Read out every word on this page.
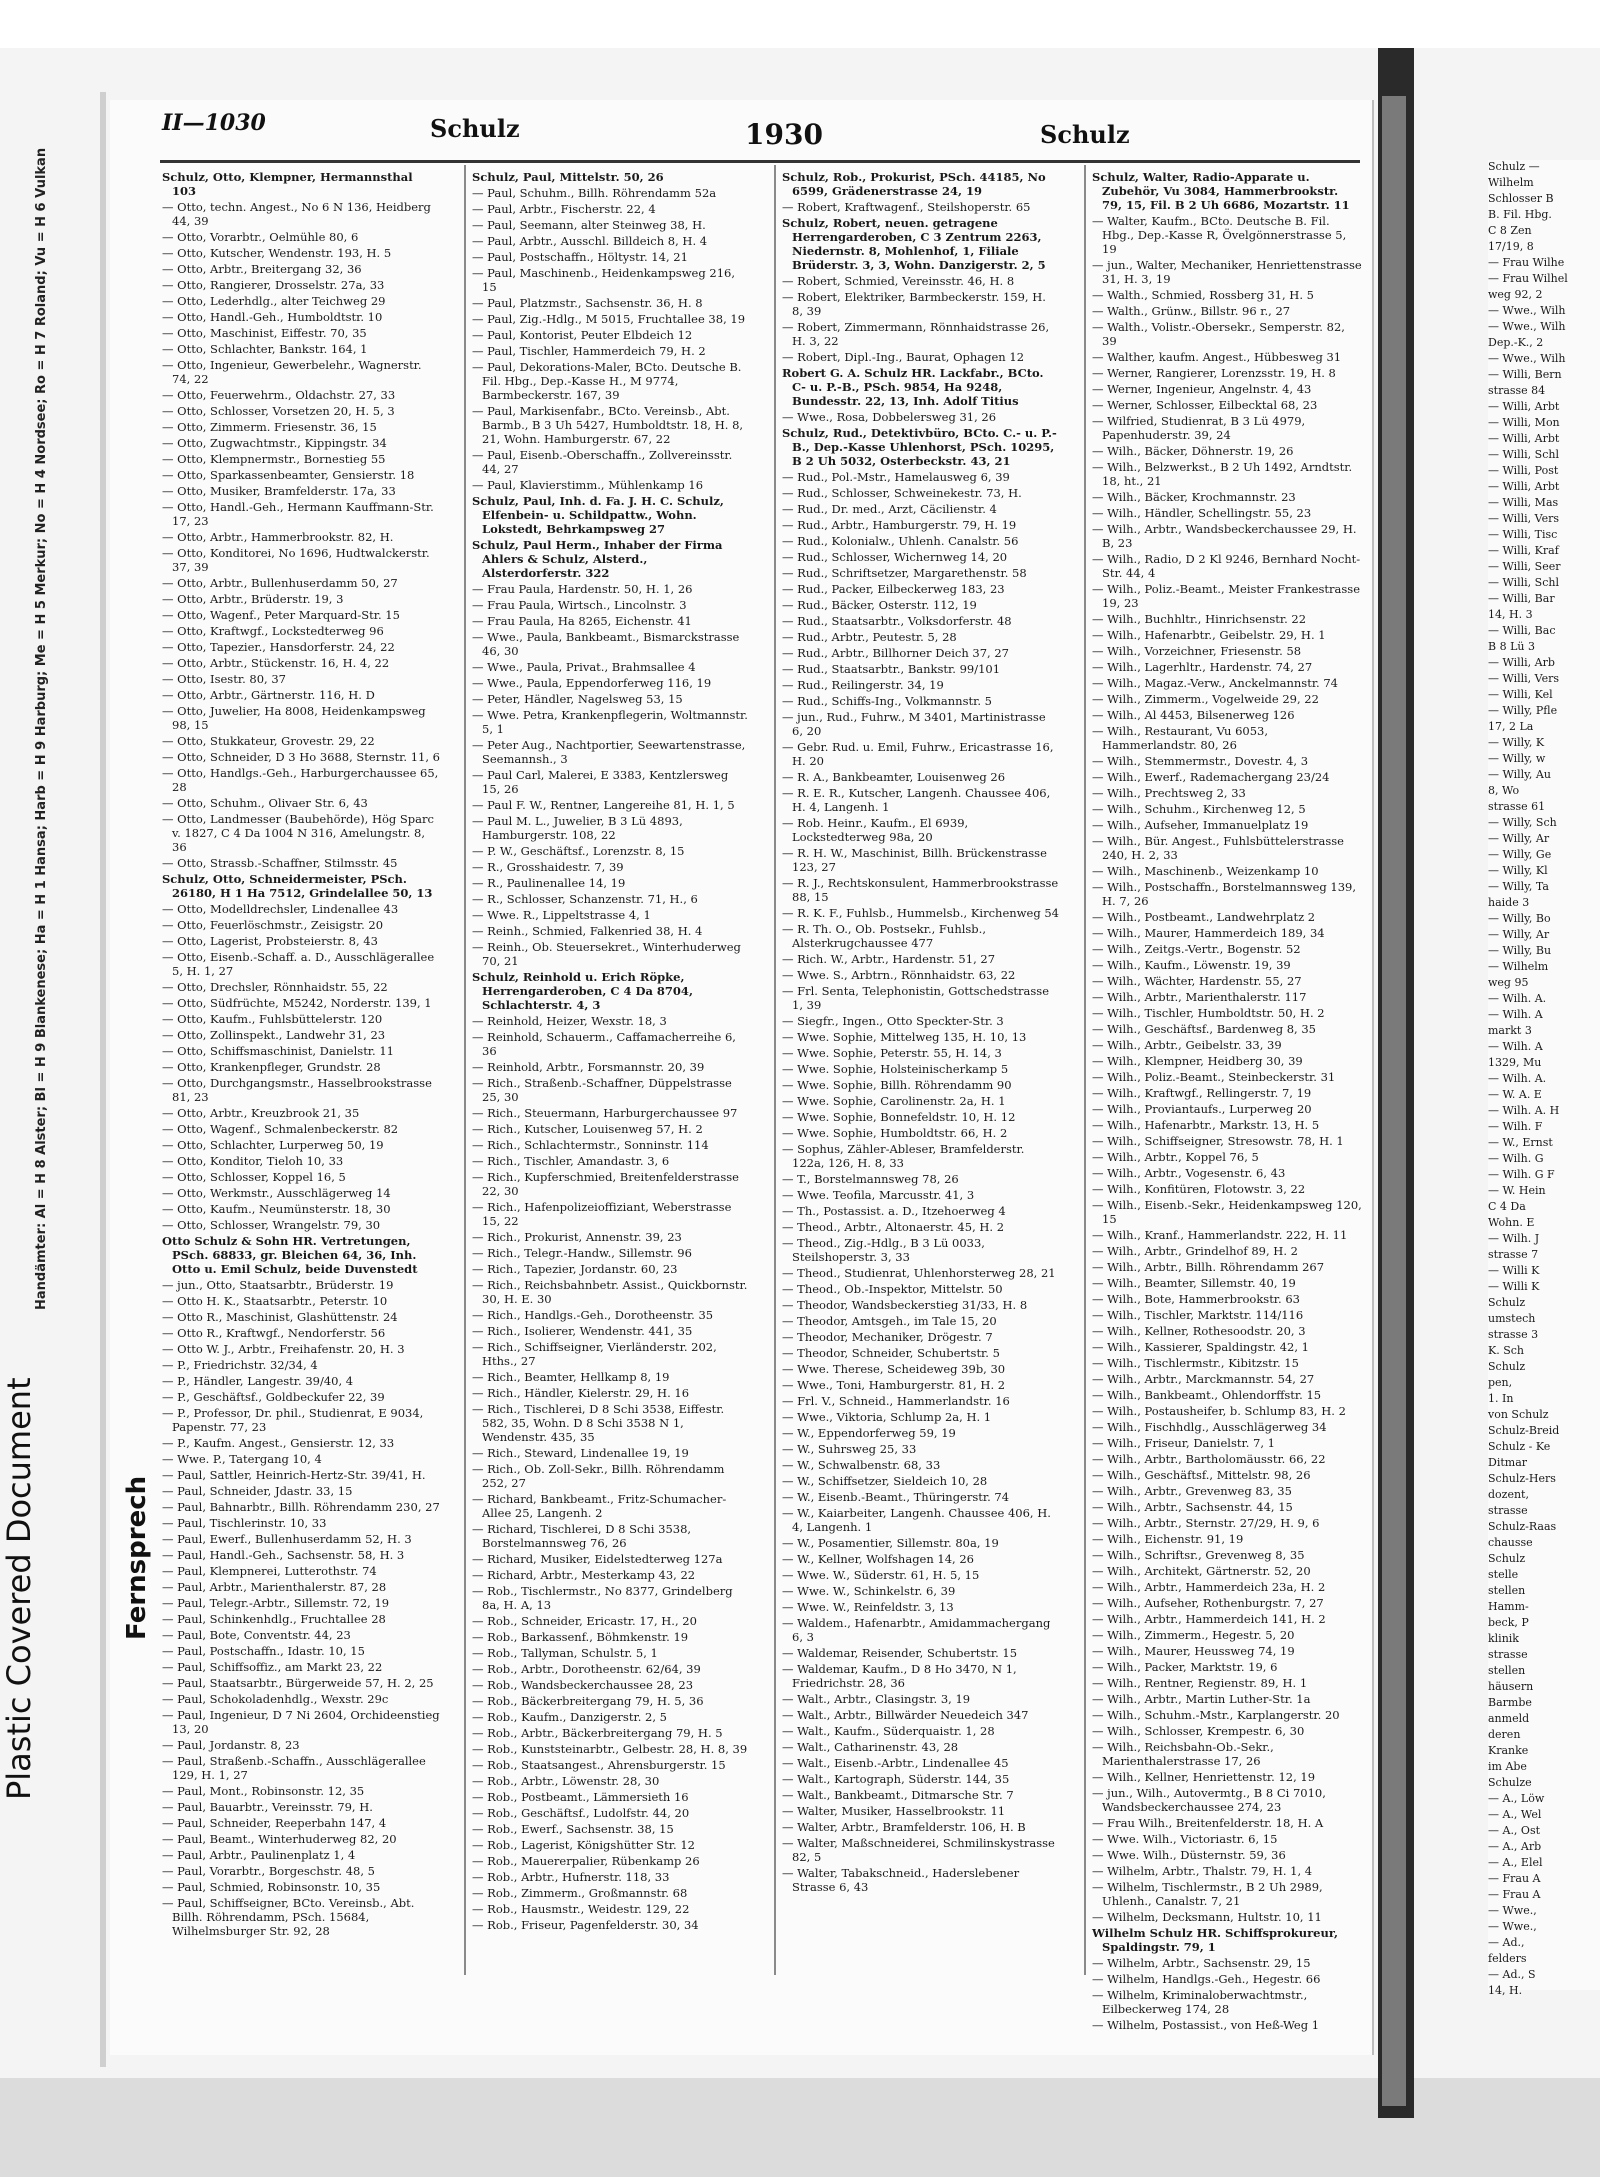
Fernsprech
Handämter: Al = H 8 Alster; Bl = H 9 Blankenese; Ha = H 1 Hansa; Harb = H 9 Harburg; Me = H 5 Merkur; No = H 4 Nordsee; Ro = H 7 Roland; Vu = H 6 Vulkan
II—1030	Schulz	1930	Schulz
Schulz, Otto, Klempner, Hermannsthal 103
— Otto, techn. Angest., No 6 N 136, Heidberg 44, 39
— Otto, Vorarbtr., Oelmühle 80, 6
— Otto, Kutscher, Wendenstr. 193, H. 5
— Otto, Arbtr., Breitergang 32, 36
— Otto, Rangierer, Drosselstr. 27a, 33
— Otto, Lederhdlg., alter Teichweg 29
— Otto, Handl.-Geh., Humboldtstr. 10
— Otto, Maschinist, Eiffestr. 70, 35
— Otto, Schlachter, Bankstr. 164, 1
— Otto, Ingenieur, Gewerbelehr., Wagnerstr. 74, 22
— Otto, Feuerwehrm., Oldachstr. 27, 33
— Otto, Schlosser, Vorsetzen 20, H. 5, 3
— Otto, Zimmerm. Friesenstr. 36, 15
— Otto, Zugwachtmstr., Kippingstr. 34
— Otto, Klempnermstr., Bornestieg 55
— Otto, Sparkassenbeamter, Gensierstr. 18
— Otto, Musiker, Bramfelderstr. 17a, 33
— Otto, Handl.-Geh., Hermann Kauffmann-Str. 17, 23
— Otto, Arbtr., Hammerbrookstr. 82, H.
— Otto, Konditorei, No 1696, Hudtwalckerstr. 37, 39
— Otto, Arbtr., Bullenhuserdamm 50, 27
— Otto, Arbtr., Brüderstr. 19, 3
— Otto, Wagenf., Peter Marquard-Str. 15
— Otto, Kraftwgf., Lockstedterweg 96
— Otto, Tapezier., Hansdorferstr. 24, 22
— Otto, Arbtr., Stückenstr. 16, H. 4, 22
— Otto, Isestr. 80, 37
— Otto, Arbtr., Gärtnerstr. 116, H. D
— Otto, Juwelier, Ha 8008, Heidenkampsweg 98, 15
— Otto, Stukkateur, Grovestr. 29, 22
— Otto, Schneider, D 3 Ho 3688, Sternstr. 11, 6
— Otto, Handlgs.-Geh., Harburgerchaussee 65, 28
— Otto, Schuhm., Olivaer Str. 6, 43
— Otto, Landmesser (Baubehörde), Hög Sparc v. 1827, C 4 Da 1004 N 316, Amelungstr. 8, 36
— Otto, Strassb.-Schaffner, Stilmsstr. 45
Schulz, Otto, Schneidermeister, PSch. 26180, H 1 Ha 7512, Grindelallee 50, 13
— Otto, Modelldrechsler, Lindenallee 43
— Otto, Feuerlöschmstr., Zeisigstr. 20
— Otto, Lagerist, Probsteierstr. 8, 43
— Otto, Eisenb.-Schaff. a. D., Ausschlägerallee 5, H. 1, 27
— Otto, Drechsler, Rönnhaidstr. 55, 22
— Otto, Südfrüchte, M5242, Norderstr. 139, 1
— Otto, Kaufm., Fuhlsbüttelerstr. 120
— Otto, Zollinspekt., Landwehr 31, 23
— Otto, Schiffsmaschinist, Danielstr. 11
— Otto, Krankenpfleger, Grundstr. 28
— Otto, Durchgangsmstr., Hasselbrookstrasse 81, 23
— Otto, Arbtr., Kreuzbrook 21, 35
— Otto, Wagenf., Schmalenbeckerstr. 82
— Otto, Schlachter, Lurperweg 50, 19
— Otto, Konditor, Tieloh 10, 33
— Otto, Schlosser, Koppel 16, 5
— Otto, Werkmstr., Ausschlägerweg 14
— Otto, Kaufm., Neumünsterstr. 18, 30
— Otto, Schlosser, Wrangelstr. 79, 30
Otto Schulz & Sohn HR. Vertretungen, PSch. 68833, gr. Bleichen 64, 36, Inh. Otto u. Emil Schulz, beide Duvenstedt
— jun., Otto, Staatsarbtr., Brüderstr. 19
— Otto H. K., Staatsarbtr., Peterstr. 10
— Otto R., Maschinist, Glashüttenstr. 24
— Otto R., Kraftwgf., Nendorferstr. 56
— Otto W. J., Arbtr., Freihafenstr. 20, H. 3
— P., Friedrichstr. 32/34, 4
— P., Händler, Langestr. 39/40, 4
— P., Geschäftsf., Goldbeckufer 22, 39
— P., Professor, Dr. phil., Studienrat, E 9034, Papenstr. 77, 23
— P., Kaufm. Angest., Gensierstr. 12, 33
— Wwe. P., Tatergang 10, 4
— Paul, Sattler, Heinrich-Hertz-Str. 39/41, H.
— Paul, Schneider, Jdastr. 33, 15
— Paul, Bahnarbtr., Billh. Röhrendamm 230, 27
— Paul, Tischlerinstr. 10, 33
— Paul, Ewerf., Bullenhuserdamm 52, H. 3
— Paul, Handl.-Geh., Sachsenstr. 58, H. 3
— Paul, Klempnerei, Lutterothstr. 74
— Paul, Arbtr., Marienthalerstr. 87, 28
— Paul, Telegr.-Arbtr., Sillemstr. 72, 19
— Paul, Schinkenhdlg., Fruchtallee 28
— Paul, Bote, Conventstr. 44, 23
— Paul, Postschaffn., Idastr. 10, 15
— Paul, Schiffsoffiz., am Markt 23, 22
— Paul, Staatsarbtr., Bürgerweide 57, H. 2, 25
— Paul, Schokoladenhdlg., Wexstr. 29c
— Paul, Ingenieur, D 7 Ni 2604, Orchideenstieg 13, 20
— Paul, Jordanstr. 8, 23
— Paul, Straßenb.-Schaffn., Ausschlägerallee 129, H. 1, 27
— Paul, Mont., Robinsonstr. 12, 35
— Paul, Bauarbtr., Vereinsstr. 79, H.
— Paul, Schneider, Reeperbahn 147, 4
— Paul, Beamt., Winterhuderweg 82, 20
— Paul, Arbtr., Paulinenplatz 1, 4
— Paul, Vorarbtr., Borgeschstr. 48, 5
— Paul, Schmied, Robinsonstr. 10, 35
— Paul, Schiffseigner, BCto. Vereinsb., Abt. Billh. Röhrendamm, PSch. 15684, Wilhelmsburger Str. 92, 28
Schulz, Paul, Mittelstr. 50, 26
— Paul, Schuhm., Billh. Röhrendamm 52a
— Paul, Arbtr., Fischerstr. 22, 4
— Paul, Seemann, alter Steinweg 38, H.
— Paul, Arbtr., Ausschl. Billdeich 8, H. 4
— Paul, Postschaffn., Höltystr. 14, 21
— Paul, Maschinenb., Heidenkampsweg 216, 15
— Paul, Platzmstr., Sachsenstr. 36, H. 8
— Paul, Zig.-Hdlg., M 5015, Fruchtallee 38, 19
— Paul, Kontorist, Peuter Elbdeich 12
— Paul, Tischler, Hammerdeich 79, H. 2
— Paul, Dekorations-Maler, BCto. Deutsche B. Fil. Hbg., Dep.-Kasse H., M 9774, Barmbeckerstr. 167, 39
— Paul, Markisenfabr., BCto. Vereinsb., Abt. Barmb., B 3 Uh 5427, Humboldtstr. 18, H. 8, 21, Wohn. Hamburgerstr. 67, 22
— Paul, Eisenb.-Oberschaffn., Zollvereinsstr. 44, 27
— Paul, Klavierstimm., Mühlenkamp 16
Schulz, Paul, Inh. d. Fa. J. H. C. Schulz, Elfenbein- u. Schildpattw., Wohn. Lokstedt, Behrkampsweg 27
Schulz, Paul Herm., Inhaber der Firma Ahlers & Schulz, Alsterd., Alsterdorferstr. 322
— Frau Paula, Hardenstr. 50, H. 1, 26
— Frau Paula, Wirtsch., Lincolnstr. 3
— Frau Paula, Ha 8265, Eichenstr. 41
— Wwe., Paula, Bankbeamt., Bismarckstrasse 46, 30
— Wwe., Paula, Privat., Brahmsallee 4
— Wwe., Paula, Eppendorferweg 116, 19
— Peter, Händler, Nagelsweg 53, 15
— Wwe. Petra, Krankenpflegerin, Woltmannstr. 5, 1
— Peter Aug., Nachtportier, Seewartenstrasse, Seemannsh., 3
— Paul Carl, Malerei, E 3383, Kentzlersweg 15, 26
— Paul F. W., Rentner, Langereihe 81, H. 1, 5
— Paul M. L., Juwelier, B 3 Lü 4893, Hamburgerstr. 108, 22
— P. W., Geschäftsf., Lorenzstr. 8, 15
— R., Grosshaidestr. 7, 39
— R., Paulinenallee 14, 19
— R., Schlosser, Schanzenstr. 71, H., 6
— Wwe. R., Lippeltstrasse 4, 1
— Reinh., Schmied, Falkenried 38, H. 4
— Reinh., Ob. Steuersekret., Winterhuderweg 70, 21
Schulz, Reinhold u. Erich Röpke, Herrengarderoben, C 4 Da 8704, Schlachterstr. 4, 3
— Reinhold, Heizer, Wexstr. 18, 3
— Reinhold, Schauerm., Caffamacherreihe 6, 36
— Reinhold, Arbtr., Forsmannstr. 20, 39
— Rich., Straßenb.-Schaffner, Düppelstrasse 25, 30
— Rich., Steuermann, Harburgerchaussee 97
— Rich., Kutscher, Louisenweg 57, H. 2
— Rich., Schlachtermstr., Sonninstr. 114
— Rich., Tischler, Amandastr. 3, 6
— Rich., Kupferschmied, Breitenfelderstrasse 22, 30
— Rich., Hafenpolizeioffiziant, Weberstrasse 15, 22
— Rich., Prokurist, Annenstr. 39, 23
— Rich., Telegr.-Handw., Sillemstr. 96
— Rich., Tapezier, Jordanstr. 60, 23
— Rich., Reichsbahnbetr. Assist., Quickbornstr. 30, H. E. 30
— Rich., Handlgs.-Geh., Dorotheenstr. 35
— Rich., Isolierer, Wendenstr. 441, 35
— Rich., Schiffseigner, Vierländerstr. 202, Hths., 27
— Rich., Beamter, Hellkamp 8, 19
— Rich., Händler, Kielerstr. 29, H. 16
— Rich., Tischlerei, D 8 Schi 3538, Eiffestr. 582, 35, Wohn. D 8 Schi 3538 N 1, Wendenstr. 435, 35
— Rich., Steward, Lindenallee 19, 19
— Rich., Ob. Zoll-Sekr., Billh. Röhrendamm 252, 27
— Richard, Bankbeamt., Fritz-Schumacher-Allee 25, Langenh. 2
— Richard, Tischlerei, D 8 Schi 3538, Borstelmannsweg 76, 26
— Richard, Musiker, Eidelstedterweg 127a
— Richard, Arbtr., Mesterkamp 43, 22
— Rob., Tischlermstr., No 8377, Grindelberg 8a, H. A, 13
— Rob., Schneider, Ericastr. 17, H., 20
— Rob., Barkassenf., Böhmkenstr. 19
— Rob., Tallyman, Schulstr. 5, 1
— Rob., Arbtr., Dorotheenstr. 62/64, 39
— Rob., Wandsbeckerchaussee 28, 23
— Rob., Bäckerbreitergang 79, H. 5, 36
— Rob., Kaufm., Danzigerstr. 2, 5
— Rob., Arbtr., Bäckerbreitergang 79, H. 5
— Rob., Kunststeinarbtr., Gelbestr. 28, H. 8, 39
— Rob., Staatsangest., Ahrensburgerstr. 15
— Rob., Arbtr., Löwenstr. 28, 30
— Rob., Postbeamt., Lämmersieth 16
— Rob., Geschäftsf., Ludolfstr. 44, 20
— Rob., Ewerf., Sachsenstr. 38, 15
— Rob., Lagerist, Königshütter Str. 12
— Rob., Mauererpalier, Rübenkamp 26
— Rob., Arbtr., Hufnerstr. 118, 33
— Rob., Zimmerm., Großmannstr. 68
— Rob., Hausmstr., Weidestr. 129, 22
— Rob., Friseur, Pagenfelderstr. 30, 34
Schulz, Rob., Prokurist, PSch. 44185, No 6599, Grädenerstrasse 24, 19
— Robert, Kraftwagenf., Steilshoperstr. 65
Schulz, Robert, neuen. getragene Herrengarderoben, C 3 Zentrum 2263, Niedernstr. 8, Mohlenhof, 1, Filiale Brüderstr. 3, 3, Wohn. Danzigerstr. 2, 5
— Robert, Schmied, Vereinsstr. 46, H. 8
— Robert, Elektriker, Barmbeckerstr. 159, H. 8, 39
— Robert, Zimmermann, Rönnhaidstrasse 26, H. 3, 22
— Robert, Dipl.-Ing., Baurat, Ophagen 12
Robert G. A. Schulz HR. Lackfabr., BCto. C- u. P.-B., PSch. 9854, Ha 9248, Bundesstr. 22, 13, Inh. Adolf Titius
— Wwe., Rosa, Dobbelersweg 31, 26
Schulz, Rud., Detektivbüro, BCto. C.- u. P.-B., Dep.-Kasse Uhlenhorst, PSch. 10295, B 2 Uh 5032, Osterbeckstr. 43, 21
— Rud., Pol.-Mstr., Hamelausweg 6, 39
— Rud., Schlosser, Schweinekestr. 73, H.
— Rud., Dr. med., Arzt, Cäcilienstr. 4
— Rud., Arbtr., Hamburgerstr. 79, H. 19
— Rud., Kolonialw., Uhlenh. Canalstr. 56
— Rud., Schlosser, Wichernweg 14, 20
— Rud., Schriftsetzer, Margarethenstr. 58
— Rud., Packer, Eilbeckerweg 183, 23
— Rud., Bäcker, Osterstr. 112, 19
— Rud., Staatsarbtr., Volksdorferstr. 48
— Rud., Arbtr., Peutestr. 5, 28
— Rud., Arbtr., Billhorner Deich 37, 27
— Rud., Staatsarbtr., Bankstr. 99/101
— Rud., Reilingerstr. 34, 19
— Rud., Schiffs-Ing., Volkmannstr. 5
— jun., Rud., Fuhrw., M 3401, Martinistrasse 6, 20
— Gebr. Rud. u. Emil, Fuhrw., Ericastrasse 16, H. 20
— R. A., Bankbeamter, Louisenweg 26
— R. E. R., Kutscher, Langenh. Chaussee 406, H. 4, Langenh. 1
— Rob. Heinr., Kaufm., El 6939, Lockstedterweg 98a, 20
— R. H. W., Maschinist, Billh. Brückenstrasse 123, 27
— R. J., Rechtskonsulent, Hammerbrookstrasse 88, 15
— R. K. F., Fuhlsb., Hummelsb., Kirchenweg 54
— R. Th. O., Ob. Postsekr., Fuhlsb., Alsterkrugchaussee 477
— Rich. W., Arbtr., Hardenstr. 51, 27
— Wwe. S., Arbtrn., Rönnhaidstr. 63, 22
— Frl. Senta, Telephonistin, Gottschedstrasse 1, 39
— Siegfr., Ingen., Otto Speckter-Str. 3
— Wwe. Sophie, Mittelweg 135, H. 10, 13
— Wwe. Sophie, Peterstr. 55, H. 14, 3
— Wwe. Sophie, Holsteinischerkamp 5
— Wwe. Sophie, Billh. Röhrendamm 90
— Wwe. Sophie, Carolinenstr. 2a, H. 1
— Wwe. Sophie, Bonnefeldstr. 10, H. 12
— Wwe. Sophie, Humboldtstr. 66, H. 2
— Sophus, Zähler-Ableser, Bramfelderstr. 122a, 126, H. 8, 33
— T., Borstelmannsweg 78, 26
— Wwe. Teofila, Marcusstr. 41, 3
— Th., Postassist. a. D., Itzehoerweg 4
— Theod., Arbtr., Altonaerstr. 45, H. 2
— Theod., Zig.-Hdlg., B 3 Lü 0033, Steilshoperstr. 3, 33
— Theod., Studienrat, Uhlenhorsterweg 28, 21
— Theod., Ob.-Inspektor, Mittelstr. 50
— Theodor, Wandsbeckerstieg 31/33, H. 8
— Theodor, Amtsgeh., im Tale 15, 20
— Theodor, Mechaniker, Drögestr. 7
— Theodor, Schneider, Schubertstr. 5
— Wwe. Therese, Scheideweg 39b, 30
— Wwe., Toni, Hamburgerstr. 81, H. 2
— Frl. V., Schneid., Hammerlandstr. 16
— Wwe., Viktoria, Schlump 2a, H. 1
— W., Eppendorferweg 59, 19
— W., Suhrsweg 25, 33
— W., Schwalbenstr. 68, 33
— W., Schiffsetzer, Sieldeich 10, 28
— W., Eisenb.-Beamt., Thüringerstr. 74
— W., Kaiarbeiter, Langenh. Chaussee 406, H. 4, Langenh. 1
— W., Posamentier, Sillemstr. 80a, 19
— W., Kellner, Wolfshagen 14, 26
— Wwe. W., Süderstr. 61, H. 5, 15
— Wwe. W., Schinkelstr. 6, 39
— Wwe. W., Reinfeldstr. 3, 13
— Waldem., Hafenarbtr., Amidammachergang 6, 3
— Waldemar, Reisender, Schubertstr. 15
— Waldemar, Kaufm., D 8 Ho 3470, N 1, Friedrichstr. 28, 36
— Walt., Arbtr., Clasingstr. 3, 19
— Walt., Arbtr., Billwärder Neuedeich 347
— Walt., Kaufm., Süderquaistr. 1, 28
— Walt., Catharinenstr. 43, 28
— Walt., Eisenb.-Arbtr., Lindenallee 45
— Walt., Kartograph, Süderstr. 144, 35
— Walt., Bankbeamt., Ditmarsche Str. 7
— Walter, Musiker, Hasselbrookstr. 11
— Walter, Arbtr., Bramfelderstr. 106, H. B
— Walter, Maßschneiderei, Schmilinskystrasse 82, 5
— Walter, Tabakschneid., Haderslebener Strasse 6, 43
Schulz, Walter, Radio-Apparate u. Zubehör, Vu 3084, Hammerbrookstr. 79, 15, Fil. B 2 Uh 6686, Mozartstr. 11
— Walter, Kaufm., BCto. Deutsche B. Fil. Hbg., Dep.-Kasse R, Övelgönnerstrasse 5, 19
— jun., Walter, Mechaniker, Henriettenstrasse 31, H. 3, 19
— Walth., Schmied, Rossberg 31, H. 5
— Walth., Grünw., Billstr. 96 r., 27
— Walth., Volistr.-Obersekr., Semperstr. 82, 39
— Walther, kaufm. Angest., Hübbesweg 31
— Werner, Rangierer, Lorenzsstr. 19, H. 8
— Werner, Ingenieur, Angelnstr. 4, 43
— Werner, Schlosser, Eilbecktal 68, 23
— Wilfried, Studienrat, B 3 Lü 4979, Papenhuderstr. 39, 24
— Wilh., Bäcker, Döhnerstr. 19, 26
— Wilh., Belzwerkst., B 2 Uh 1492, Arndtstr. 18, ht., 21
— Wilh., Bäcker, Krochmannstr. 23
— Wilh., Händler, Schellingstr. 55, 23
— Wilh., Arbtr., Wandsbeckerchaussee 29, H. B, 23
— Wilh., Radio, D 2 Kl 9246, Bernhard Nocht-Str. 44, 4
— Wilh., Poliz.-Beamt., Meister Frankestrasse 19, 23
— Wilh., Buchhltr., Hinrichsenstr. 22
— Wilh., Hafenarbtr., Geibelstr. 29, H. 1
— Wilh., Vorzeichner, Friesenstr. 58
— Wilh., Lagerhltr., Hardenstr. 74, 27
— Wilh., Magaz.-Verw., Anckelmannstr. 74
— Wilh., Zimmerm., Vogelweide 29, 22
— Wilh., Al 4453, Bilsenerweg 126
— Wilh., Restaurant, Vu 6053, Hammerlandstr. 80, 26
— Wilh., Stemmermstr., Dovestr. 4, 3
— Wilh., Ewerf., Rademachergang 23/24
— Wilh., Prechtsweg 2, 33
— Wilh., Schuhm., Kirchenweg 12, 5
— Wilh., Aufseher, Immanuelplatz 19
— Wilh., Bür. Angest., Fuhlsbüttelerstrasse 240, H. 2, 33
— Wilh., Maschinenb., Weizenkamp 10
— Wilh., Postschaffn., Borstelmannsweg 139, H. 7, 26
— Wilh., Postbeamt., Landwehrplatz 2
— Wilh., Maurer, Hammerdeich 189, 34
— Wilh., Zeitgs.-Vertr., Bogenstr. 52
— Wilh., Kaufm., Löwenstr. 19, 39
— Wilh., Wächter, Hardenstr. 55, 27
— Wilh., Arbtr., Marienthalerstr. 117
— Wilh., Tischler, Humboldtstr. 50, H. 2
— Wilh., Geschäftsf., Bardenweg 8, 35
— Wilh., Arbtr., Geibelstr. 33, 39
— Wilh., Klempner, Heidberg 30, 39
— Wilh., Poliz.-Beamt., Steinbeckerstr. 31
— Wilh., Kraftwgf., Rellingerstr. 7, 19
— Wilh., Proviantaufs., Lurperweg 20
— Wilh., Hafenarbtr., Markstr. 13, H. 5
— Wilh., Schiffseigner, Stresowstr. 78, H. 1
— Wilh., Arbtr., Koppel 76, 5
— Wilh., Arbtr., Vogesenstr. 6, 43
— Wilh., Konfitüren, Flotowstr. 3, 22
— Wilh., Eisenb.-Sekr., Heidenkampsweg 120, 15
— Wilh., Kranf., Hammerlandstr. 222, H. 11
— Wilh., Arbtr., Grindelhof 89, H. 2
— Wilh., Arbtr., Billh. Röhrendamm 267
— Wilh., Beamter, Sillemstr. 40, 19
— Wilh., Bote, Hammerbrookstr. 63
— Wilh., Tischler, Marktstr. 114/116
— Wilh., Kellner, Rothesoodstr. 20, 3
— Wilh., Kassierer, Spaldingstr. 42, 1
— Wilh., Tischlermstr., Kibitzstr. 15
— Wilh., Arbtr., Marckmannstr. 54, 27
— Wilh., Bankbeamt., Ohlendorffstr. 15
— Wilh., Postausheifer, b. Schlump 83, H. 2
— Wilh., Fischhdlg., Ausschlägerweg 34
— Wilh., Friseur, Danielstr. 7, 1
— Wilh., Arbtr., Bartholomäusstr. 66, 22
— Wilh., Geschäftsf., Mittelstr. 98, 26
— Wilh., Arbtr., Grevenweg 83, 35
— Wilh., Arbtr., Sachsenstr. 44, 15
— Wilh., Arbtr., Sternstr. 27/29, H. 9, 6
— Wilh., Eichenstr. 91, 19
— Wilh., Schriftsr., Grevenweg 8, 35
— Wilh., Architekt, Gärtnerstr. 52, 20
— Wilh., Arbtr., Hammerdeich 23a, H. 2
— Wilh., Aufseher, Rothenburgstr. 7, 27
— Wilh., Arbtr., Hammerdeich 141, H. 2
— Wilh., Zimmerm., Hegestr. 5, 20
— Wilh., Maurer, Heussweg 74, 19
— Wilh., Packer, Marktstr. 19, 6
— Wilh., Rentner, Regienstr. 89, H. 1
— Wilh., Arbtr., Martin Luther-Str. 1a
— Wilh., Schuhm.-Mstr., Karplangerstr. 20
— Wilh., Schlosser, Krempestr. 6, 30
— Wilh., Reichsbahn-Ob.-Sekr., Marienthalerstrasse 17, 26
— Wilh., Kellner, Henriettenstr. 12, 19
— jun., Wilh., Autovermtg., B 8 Ci 7010, Wandsbeckerchaussee 274, 23
— Frau Wilh., Breitenfelderstr. 18, H. A
— Wwe. Wilh., Victoriastr. 6, 15
— Wwe. Wilh., Düsternstr. 59, 36
— Wilhelm, Arbtr., Thalstr. 79, H. 1, 4
— Wilhelm, Tischlermstr., B 2 Uh 2989, Uhlenh., Canalstr. 7, 21
— Wilhelm, Decksmann, Hultstr. 10, 11
Wilhelm Schulz HR. Schiffsprokureur, Spaldingstr. 79, 1
— Wilhelm, Arbtr., Sachsenstr. 29, 15
— Wilhelm, Handlgs.-Geh., Hegestr. 66
— Wilhelm, Kriminaloberwachtmstr., Eilbeckerweg 174, 28
— Wilhelm, Postassist., von Heß-Weg 1
Schulz —
Wilhelm
Schlosser B
B. Fil. Hbg.
C 8 Zen
17/19, 8
— Frau Wilhe
— Frau Wilhel
weg 92, 2
— Wwe., Wilh
— Wwe., Wilh
Dep.-K., 2
— Wwe., Wilh
— Willi, Bern
strasse 84
— Willi, Arbt
— Willi, Mon
— Willi, Arbt
— Willi, Schl
— Willi, Post
— Willi, Arbt
— Willi, Mas
— Willi, Vers
— Willi, Tisc
— Willi, Kraf
— Willi, Seer
— Willi, Schl
— Willi, Bar
14, H. 3
— Willi, Bac
B 8 Lü 3
— Willi, Arb
— Willi, Vers
— Willi, Kel
— Willy, Pfle
17, 2 La
— Willy, K
— Willy, w
— Willy, Au
8, Wo
strasse 61
— Willy, Sch
— Willy, Ar
— Willy, Ge
— Willy, Kl
— Willy, Ta
haide 3
— Willy, Bo
— Willy, Ar
— Willy, Bu
— Wilhelm
weg 95
— Wilh. A.
— Wilh. A
markt 3
— Wilh. A
1329, Mu
— Wilh. A.
— W. A. E
— Wilh. A. H
— Wilh. F
— W., Ernst
— Wilh. G
— Wilh. G F
— W. Hein
C 4 Da
Wohn. E
— Wilh. J
strasse 7
— Willi K
— Willi K
Schulz
umstech
strasse 3
K. Sch
Schulz
pen,
1. In
von Schulz
Schulz-Breid
Schulz - Ke
Ditmar
Schulz-Hers
dozent,
strasse
Schulz-Raas
chausse
Schulz
stelle
stellen
Hamm-
beck, P
klinik
strasse
stellen
häusern
Barmbe
anmeld
deren
Kranke
im Abe
Schulze
— A., Löw
— A., Wel
— A., Ost
— A., Arb
— A., Elel
— Frau A
— Frau A
— Wwe.,
— Wwe.,
— Ad.,
felders
— Ad., S
14, H.
